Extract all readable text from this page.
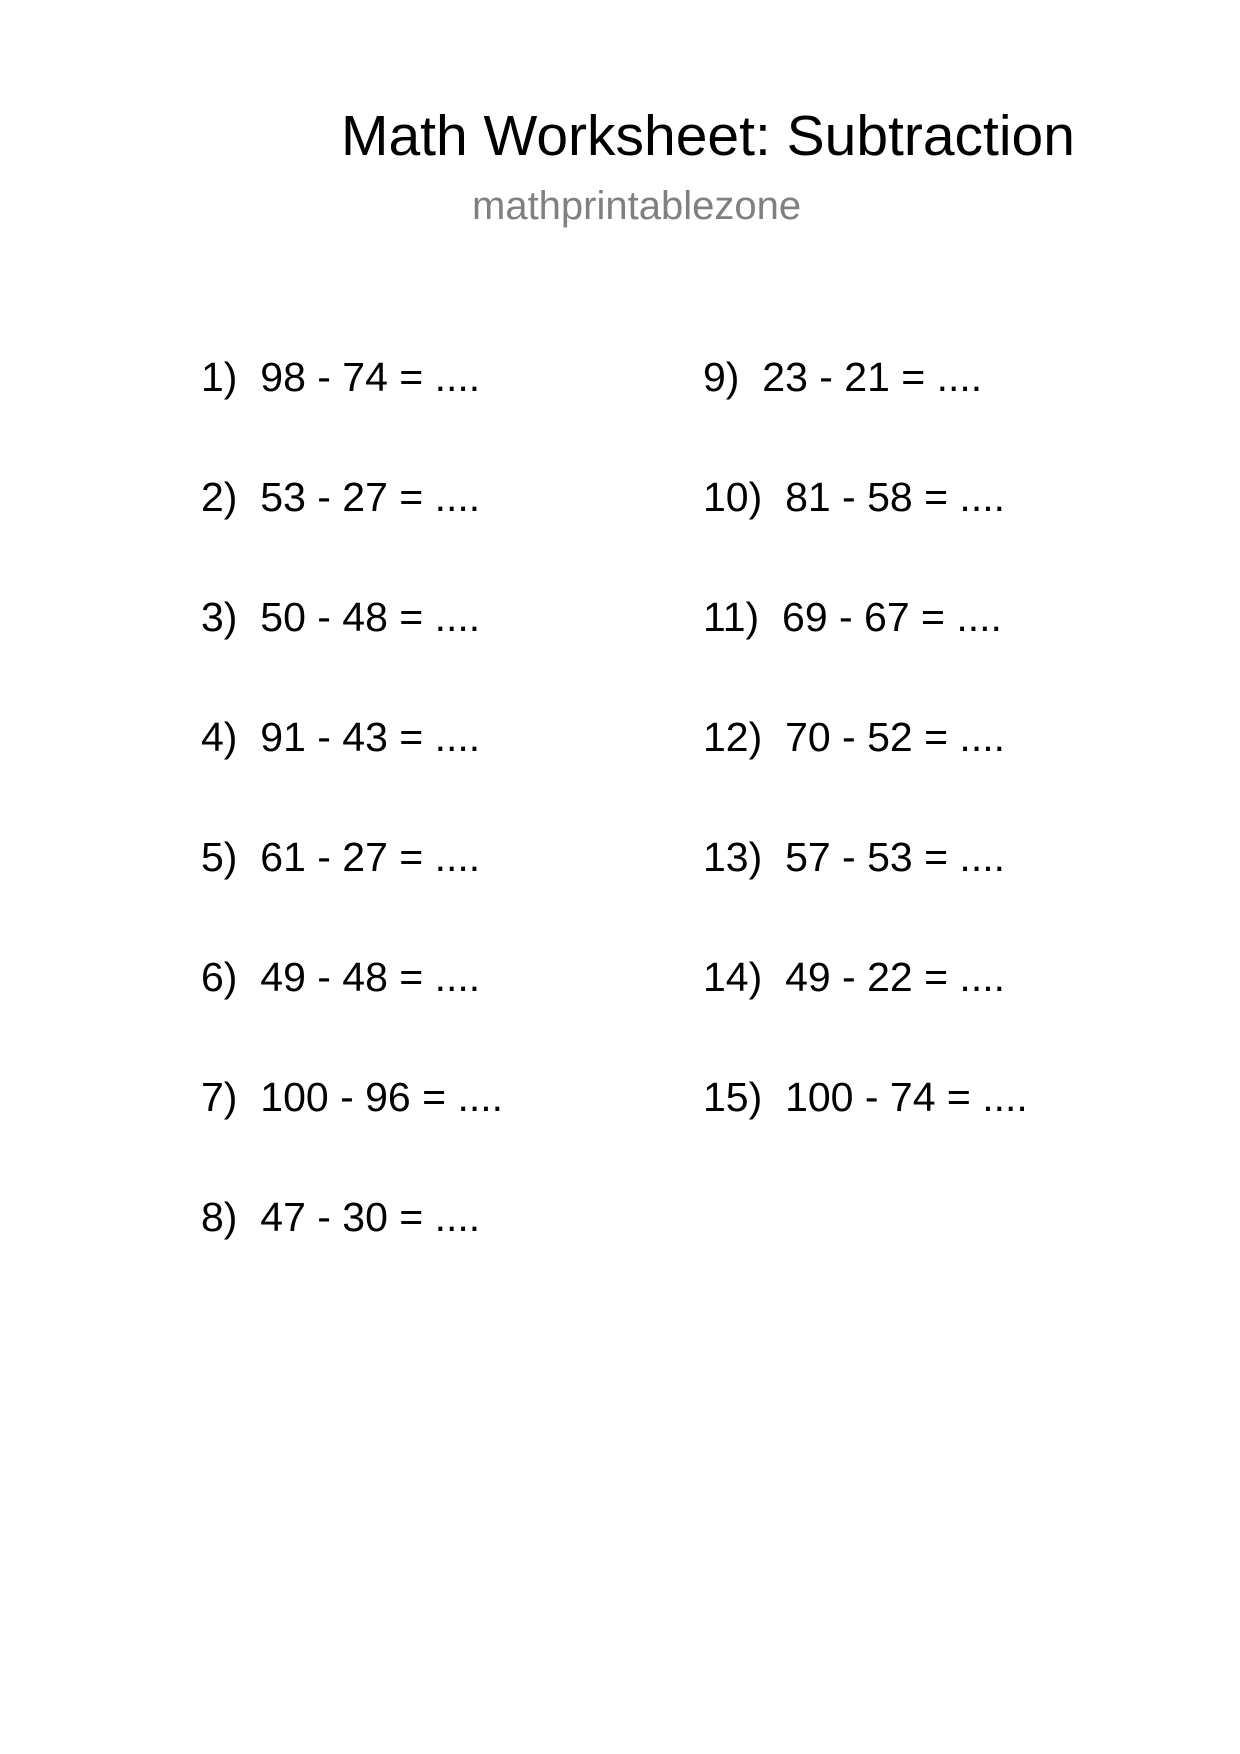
Math Worksheet: Subtraction
mathprintablezone
1) 98 - 74 = ....
2) 53 - 27 = ....
3) 50 - 48 = ....
4) 91 - 43 = ....
5) 61 - 27 = ....
6) 49 - 48 = ....
7) 100 - 96 = ....
8) 47 - 30 = ....
9) 23 - 21 = ....
10) 81 - 58 = ....
11) 69 - 67 = ....
12) 70 - 52 = ....
13) 57 - 53 = ....
14) 49 - 22 = ....
15) 100 - 74 = ....
